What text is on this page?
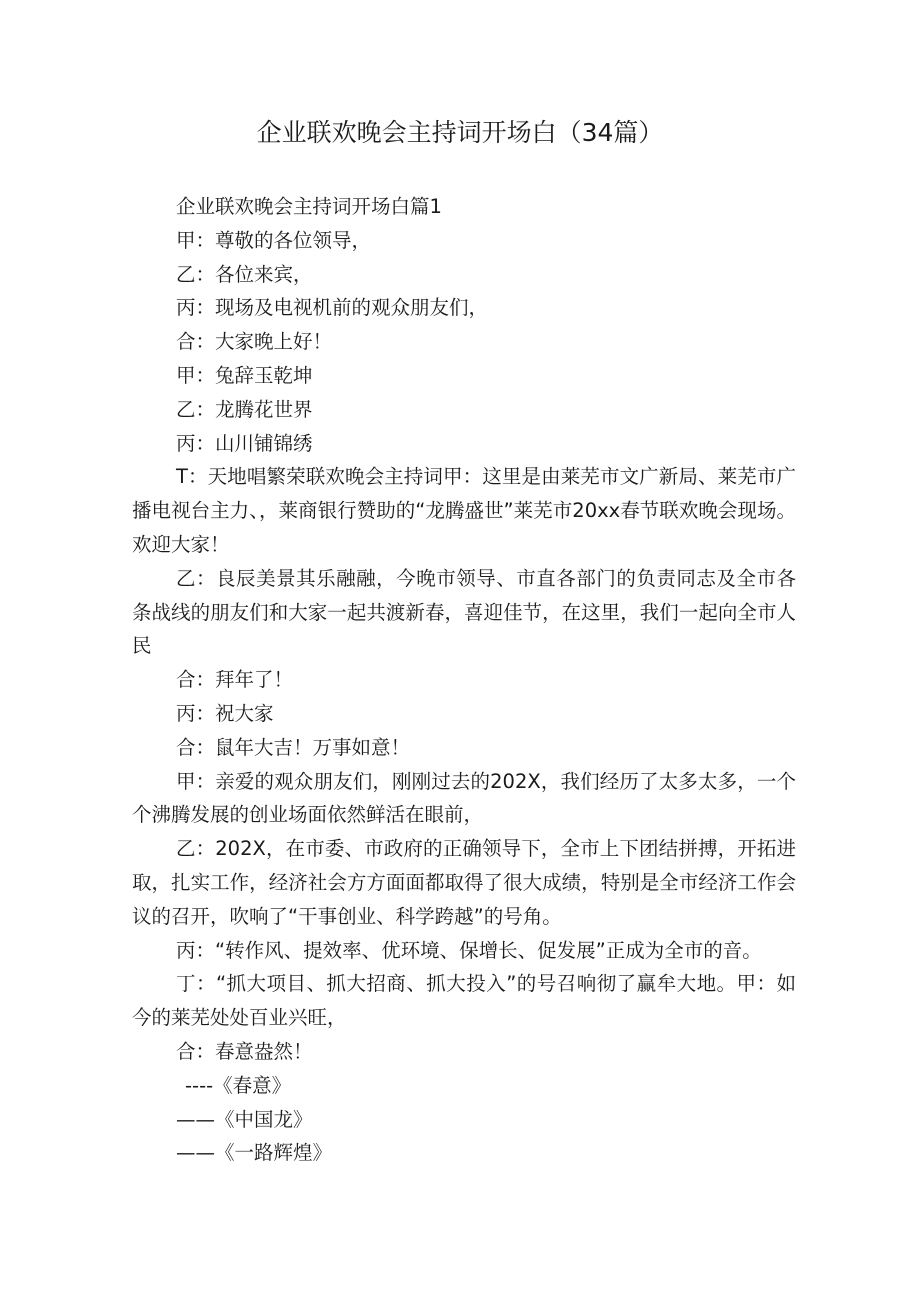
企业联欢晚会主持词开场白（34篇）

企业联欢晚会主持词开场白篇1

甲：尊敬的各位领导，

乙：各位来宾，

丙：现场及电视机前的观众朋友们，

合：大家晚上好！

甲：兔辞玉乾坤

乙：龙腾花世界

丙：山川铺锦绣

T：天地唱繁荣联欢晚会主持词甲：这里是由莱芜市文广新局、莱芜市广播电视台主力、，莱商银行赞助的“龙腾盛世”莱芜市20xx春节联欢晚会现场。欢迎大家！

乙：良辰美景其乐融融，今晚市领导、市直各部门的负责同志及全市各条战线的朋友们和大家一起共渡新春，喜迎佳节，在这里，我们一起向全市人民

合：拜年了！

丙：祝大家

合：鼠年大吉！万事如意！

甲：亲爱的观众朋友们，刚刚过去的202X，我们经历了太多太多，一个个沸腾发展的创业场面依然鲜活在眼前，

乙：202X，在市委、市政府的正确领导下，全市上下团结拼搏，开拓进取，扎实工作，经济社会方方面面都取得了很大成绩，特别是全市经济工作会议的召开，吹响了“干事创业、科学跨越”的号角。

丙：“转作风、提效率、优环境、保增长、促发展”正成为全市的音。

丁：“抓大项目、抓大招商、抓大投入”的号召响彻了赢牟大地。甲：如今的莱芜处处百业兴旺，

合：春意盎然！

----《春意》

——《中国龙》

——《一路辉煌》
